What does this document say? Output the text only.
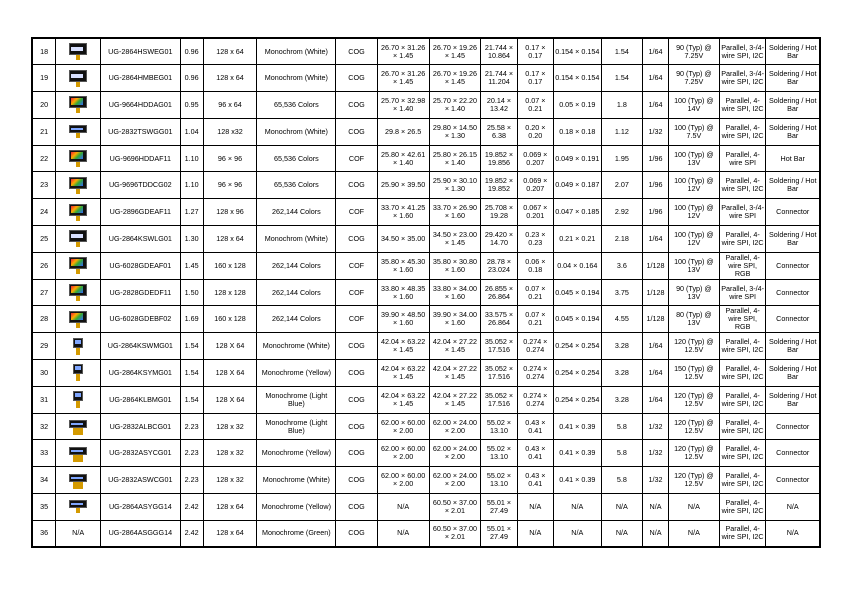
18		UG-2864HSWEG01	0.96	128 x 64	Monochrom (White)	COG	26.70 × 31.26 × 1.45	26.70 × 19.26 × 1.45	21.744 × 10.864	0.17 × 0.17	0.154 × 0.154	1.54	1/64	90 (Typ) @ 7.25V	Parallel, 3-/4-wire SPI, I2C	Soldering / Hot Bar
19		UG-2864HMBEG01	0.96	128 x 64	Monochrom (White)	COG	26.70 × 31.26 × 1.45	26.70 × 19.26 × 1.45	21.744 × 11.204	0.17 × 0.17	0.154 × 0.154	1.54	1/64	90 (Typ) @ 7.25V	Parallel, 3-/4-wire SPI, I2C	Soldering / Hot Bar
20		UG-9664HDDAG01	0.95	96 x 64	65,536 Colors	COG	25.70 × 32.98 × 1.40	25.70 × 22.20 × 1.40	20.14 × 13.42	0.07 × 0.21	0.05 × 0.19	1.8	1/64	100 (Typ) @ 14V	Parallel, 4-wire SPI, I2C	Soldering / Hot Bar
21		UG-2832TSWGG01	1.04	128 x32	Monochrom (White)	COG	29.8 × 26.5	29.80 × 14.50 × 1.30	25.58 × 6.38	0.20 × 0.20	0.18 × 0.18	1.12	1/32	100 (Typ) @ 7.5V	Parallel, 4-wire SPI, I2C	Soldering / Hot Bar
22		UG-9696HDDAF11	1.10	96 × 96	65,536 Colors	COF	25.80 × 42.61 × 1.40	25.80 × 26.15 × 1.40	19.852 × 19.856	0.069 × 0.207	0.049 × 0.191	1.95	1/96	100 (Typ) @ 13V	Parallel, 4-wire SPI	Hot Bar
23		UG-9696TDDCG02	1.10	96 × 96	65,536 Colors	COG	25.90 × 39.50	25.90 × 30.10 × 1.30	19.852 × 19.852	0.069 × 0.207	0.049 × 0.187	2.07	1/96	100 (Typ) @ 12V	Parallel, 4-wire SPI, I2C	Soldering / Hot Bar
24		UG-2896GDEAF11	1.27	128 x 96	262,144 Colors	COF	33.70 × 41.25 × 1.60	33.70 × 26.90 × 1.60	25.708 × 19.28	0.067 × 0.201	0.047 × 0.185	2.92	1/96	100 (Typ) @ 12V	Parallel, 3-/4-wire SPI	Connector
25		UG-2864KSWLG01	1.30	128 x 64	Monochrom (White)	COG	34.50 × 35.00	34.50 × 23.00 × 1.45	29.420 × 14.70	0.23 × 0.23	0.21 × 0.21	2.18	1/64	100 (Typ) @ 12V	Parallel, 4-wire SPI, I2C	Soldering / Hot Bar
26		UG-6028GDEAF01	1.45	160 x 128	262,144 Colors	COF	35.80 × 45.30 × 1.60	35.80 × 30.80 × 1.60	28.78 × 23.024	0.06 × 0.18	0.04 × 0.164	3.6	1/128	100 (Typ) @ 13V	Parallel, 4-wire SPI, RGB	Connector
27		UG-2828GDEDF11	1.50	128 x 128	262,144 Colors	COF	33.80 × 48.35 × 1.60	33.80 × 34.00 × 1.60	26.855 × 26.864	0.07 × 0.21	0.045 × 0.194	3.75	1/128	90 (Typ) @ 13V	Parallel, 3-/4-wire SPI	Connector
28		UG-6028GDEBF02	1.69	160 x 128	262,144 Colors	COF	39.90 × 48.50 × 1.60	39.90 × 34.00 × 1.60	33.575 × 26.864	0.07 × 0.21	0.045 × 0.194	4.55	1/128	80 (Typ) @ 13V	Parallel, 4-wire SPI, RGB	Connector
29		UG-2864KSWMG01	1.54	128 X 64	Monochrome (White)	COG	42.04 × 63.22 × 1.45	42.04 × 27.22 × 1.45	35.052 × 17.516	0.274 × 0.274	0.254 × 0.254	3.28	1/64	120 (Typ) @ 12.5V	Parallel, 4-wire SPI, I2C	Soldering / Hot Bar
30		UG-2864KSYMG01	1.54	128 X 64	Monochrome (Yellow)	COG	42.04 × 63.22 × 1.45	42.04 × 27.22 × 1.45	35.052 × 17.516	0.274 × 0.274	0.254 × 0.254	3.28	1/64	150 (Typ) @ 12.5V	Parallel, 4-wire SPI, I2C	Soldering / Hot Bar
31		UG-2864KLBMG01	1.54	128 X 64	Monochrome (Light Blue)	COG	42.04 × 63.22 × 1.45	42.04 × 27.22 × 1.45	35.052 × 17.516	0.274 × 0.274	0.254 × 0.254	3.28	1/64	120 (Typ) @ 12.5V	Parallel, 4-wire SPI, I2C	Soldering / Hot Bar
32		UG-2832ALBCG01	2.23	128 x 32	Monochrome (Light Blue)	COG	62.00 × 60.00 × 2.00	62.00 × 24.00 × 2.00	55.02 × 13.10	0.43 × 0.41	0.41 × 0.39	5.8	1/32	120 (Typ) @ 12.5V	Parallel, 4-wire SPI, I2C	Connector
33		UG-2832ASYCG01	2.23	128 x 32	Monochrome (Yellow)	COG	62.00 × 60.00 × 2.00	62.00 × 24.00 × 2.00	55.02 × 13.10	0.43 × 0.41	0.41 × 0.39	5.8	1/32	120 (Typ) @ 12.5V	Parallel, 4-wire SPI, I2C	Connector
34		UG-2832ASWCG01	2.23	128 x 32	Monochrome (White)	COG	62.00 × 60.00 × 2.00	62.00 × 24.00 × 2.00	55.02 × 13.10	0.43 × 0.41	0.41 × 0.39	5.8	1/32	120 (Typ) @ 12.5V	Parallel, 4-wire SPI, I2C	Connector
35		UG-2864ASYGG14	2.42	128 x 64	Monochrome (Yellow)	COG	N/A	60.50 × 37.00 × 2.01	55.01 × 27.49	N/A	N/A	N/A	N/A	N/A	Parallel, 4-wire SPI, I2C	N/A
36	N/A	UG-2864ASGGG14	2.42	128 x 64	Monochrome (Green)	COG	N/A	60.50 × 37.00 × 2.01	55.01 × 27.49	N/A	N/A	N/A	N/A	N/A	Parallel, 4-wire SPI, I2C	N/A
